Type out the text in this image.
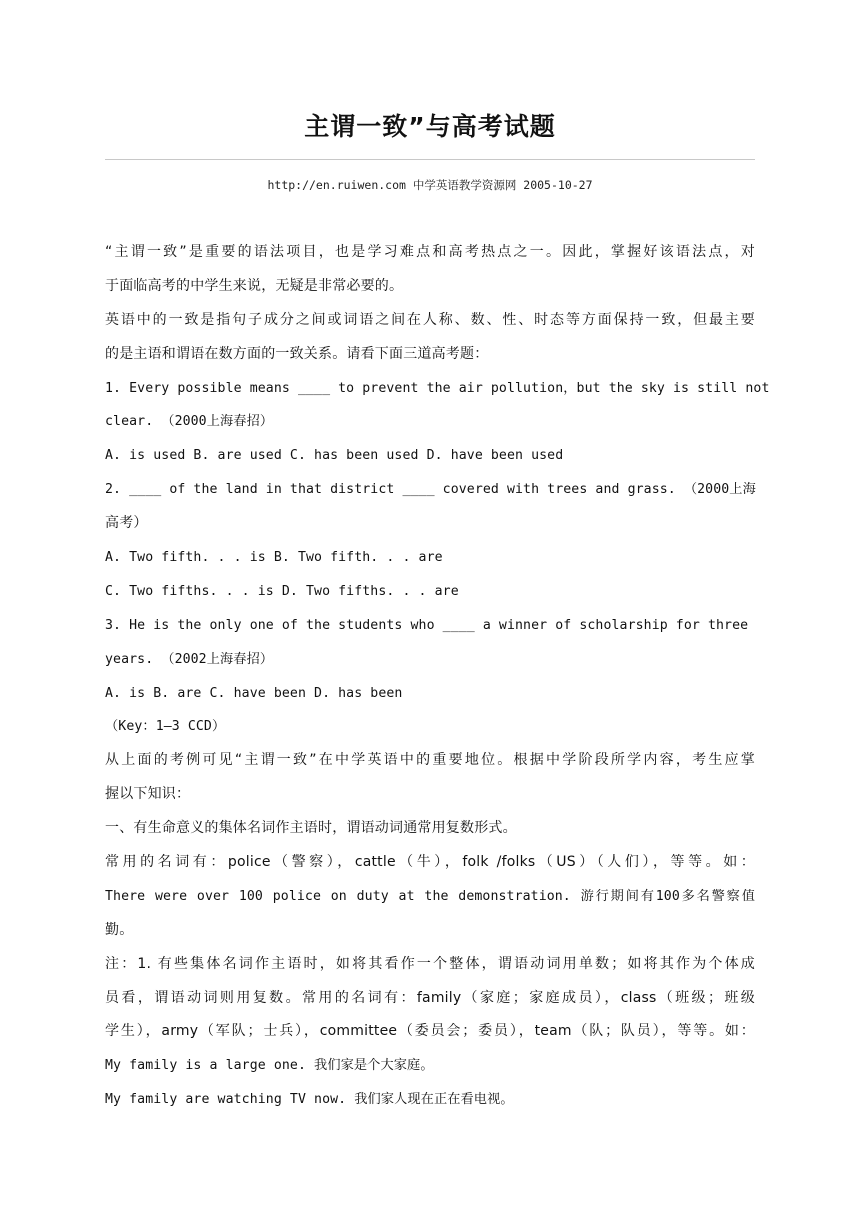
主谓一致”与高考试题
http://en.ruiwen.com 中学英语教学资源网 2005-10-27
“主谓一致”是重要的语法项目，也是学习难点和高考热点之一。因此，掌握好该语法点，对
于面临高考的中学生来说，无疑是非常必要的。
英语中的一致是指句子成分之间或词语之间在人称、数、性、时态等方面保持一致，但最主要
的是主语和谓语在数方面的一致关系。请看下面三道高考题：
1. Every possible means ____ to prevent the air pollution，but the sky is still not
clear. （2000上海春招）
A. is used B. are used C. has been used D. have been used
2. ____ of the land in that district ____ covered with trees and grass. （2000上海
高考）
A. Two fifth. . . is B. Two fifth. . . are
C. Two fifths. . . is D. Two fifths. . . are
3. He is the only one of the students who ____ a winner of scholarship for three
years. （2002上海春招）
A. is B. are C. have been D. has been
（Key：1—3 CCD）
从上面的考例可见“主谓一致”在中学英语中的重要地位。根据中学阶段所学内容，考生应掌
握以下知识：
一、有生命意义的集体名词作主语时，谓语动词通常用复数形式。
常用的名词有：police（警察），cattle（牛），folk /folks（US）（人们），等等。如：
There were over 100 police on duty at the demonstration. 游行期间有100多名警察值
勤。
注：1. 有些集体名词作主语时，如将其看作一个整体，谓语动词用单数；如将其作为个体成
员看，谓语动词则用复数。常用的名词有：family（家庭；家庭成员），class（班级；班级
学生），army（军队；士兵），committee（委员会；委员），team（队；队员），等等。如：
My family is a large one. 我们家是个大家庭。
My family are watching TV now. 我们家人现在正在看电视。
